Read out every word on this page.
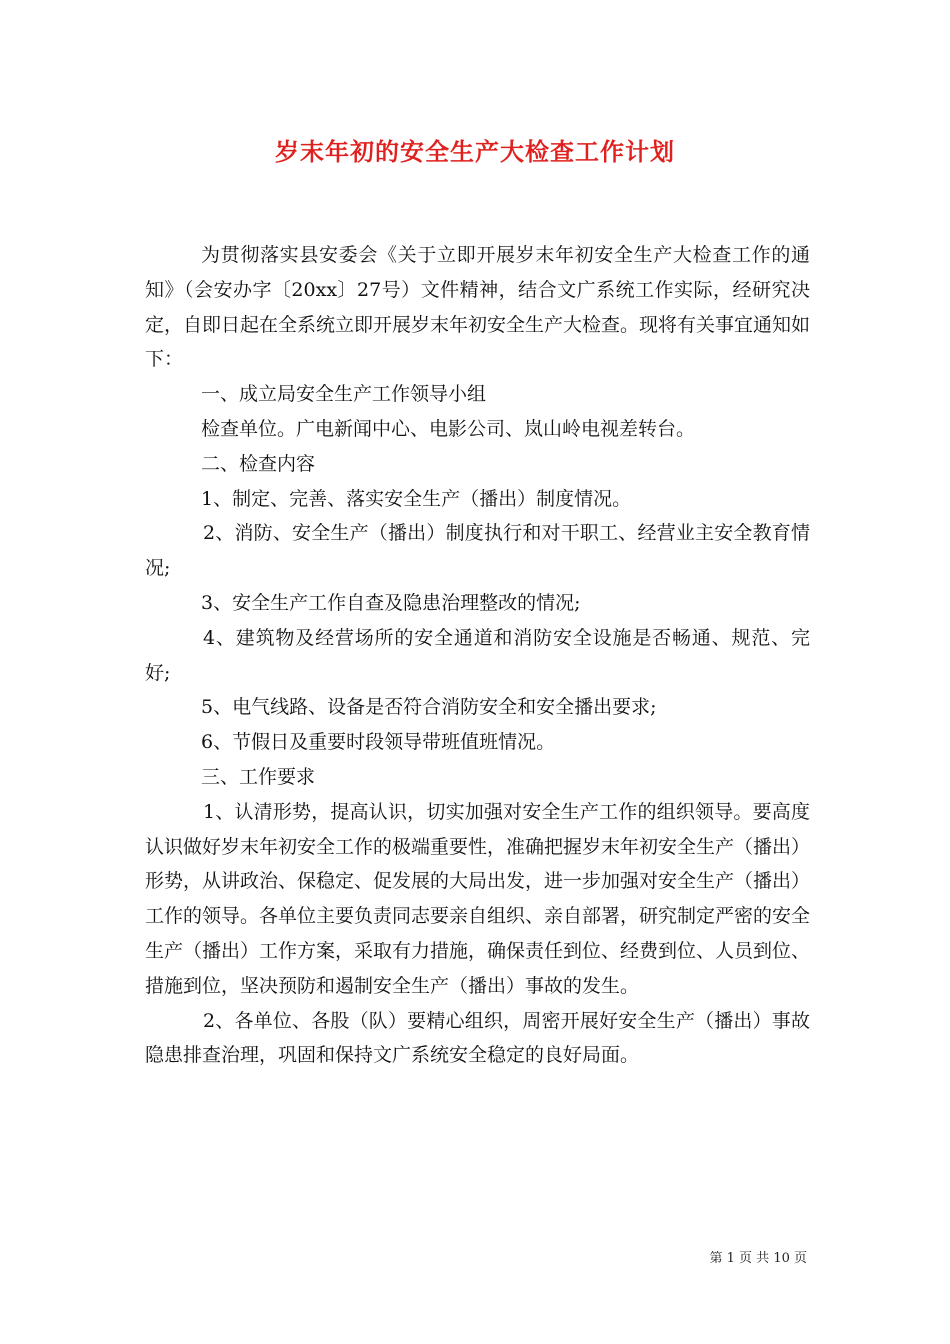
岁末年初的安全生产大检查工作计划

为贯彻落实县安委会《关于立即开展岁末年初安全生产大检查工作的通知》（会安办字〔20xx〕27号）文件精神，结合文广系统工作实际，经研究决定，自即日起在全系统立即开展岁末年初安全生产大检查。现将有关事宜通知如下：

一、成立局安全生产工作领导小组

检查单位。广电新闻中心、电影公司、岚山岭电视差转台。

二、检查内容

1、制定、完善、落实安全生产（播出）制度情况。

2、消防、安全生产（播出）制度执行和对干职工、经营业主安全教育情况;

3、安全生产工作自查及隐患治理整改的情况;

4、建筑物及经营场所的安全通道和消防安全设施是否畅通、规范、完好;

5、电气线路、设备是否符合消防安全和安全播出要求;

6、节假日及重要时段领导带班值班情况。

三、工作要求

1、认清形势，提高认识，切实加强对安全生产工作的组织领导。要高度认识做好岁末年初安全工作的极端重要性，准确把握岁末年初安全生产（播出）形势，从讲政治、保稳定、促发展的大局出发，进一步加强对安全生产（播出）工作的领导。各单位主要负责同志要亲自组织、亲自部署，研究制定严密的安全生产（播出）工作方案，采取有力措施，确保责任到位、经费到位、人员到位、措施到位，坚决预防和遏制安全生产（播出）事故的发生。

2、各单位、各股（队）要精心组织，周密开展好安全生产（播出）事故隐患排查治理，巩固和保持文广系统安全稳定的良好局面。

第 1 页 共 10 页
